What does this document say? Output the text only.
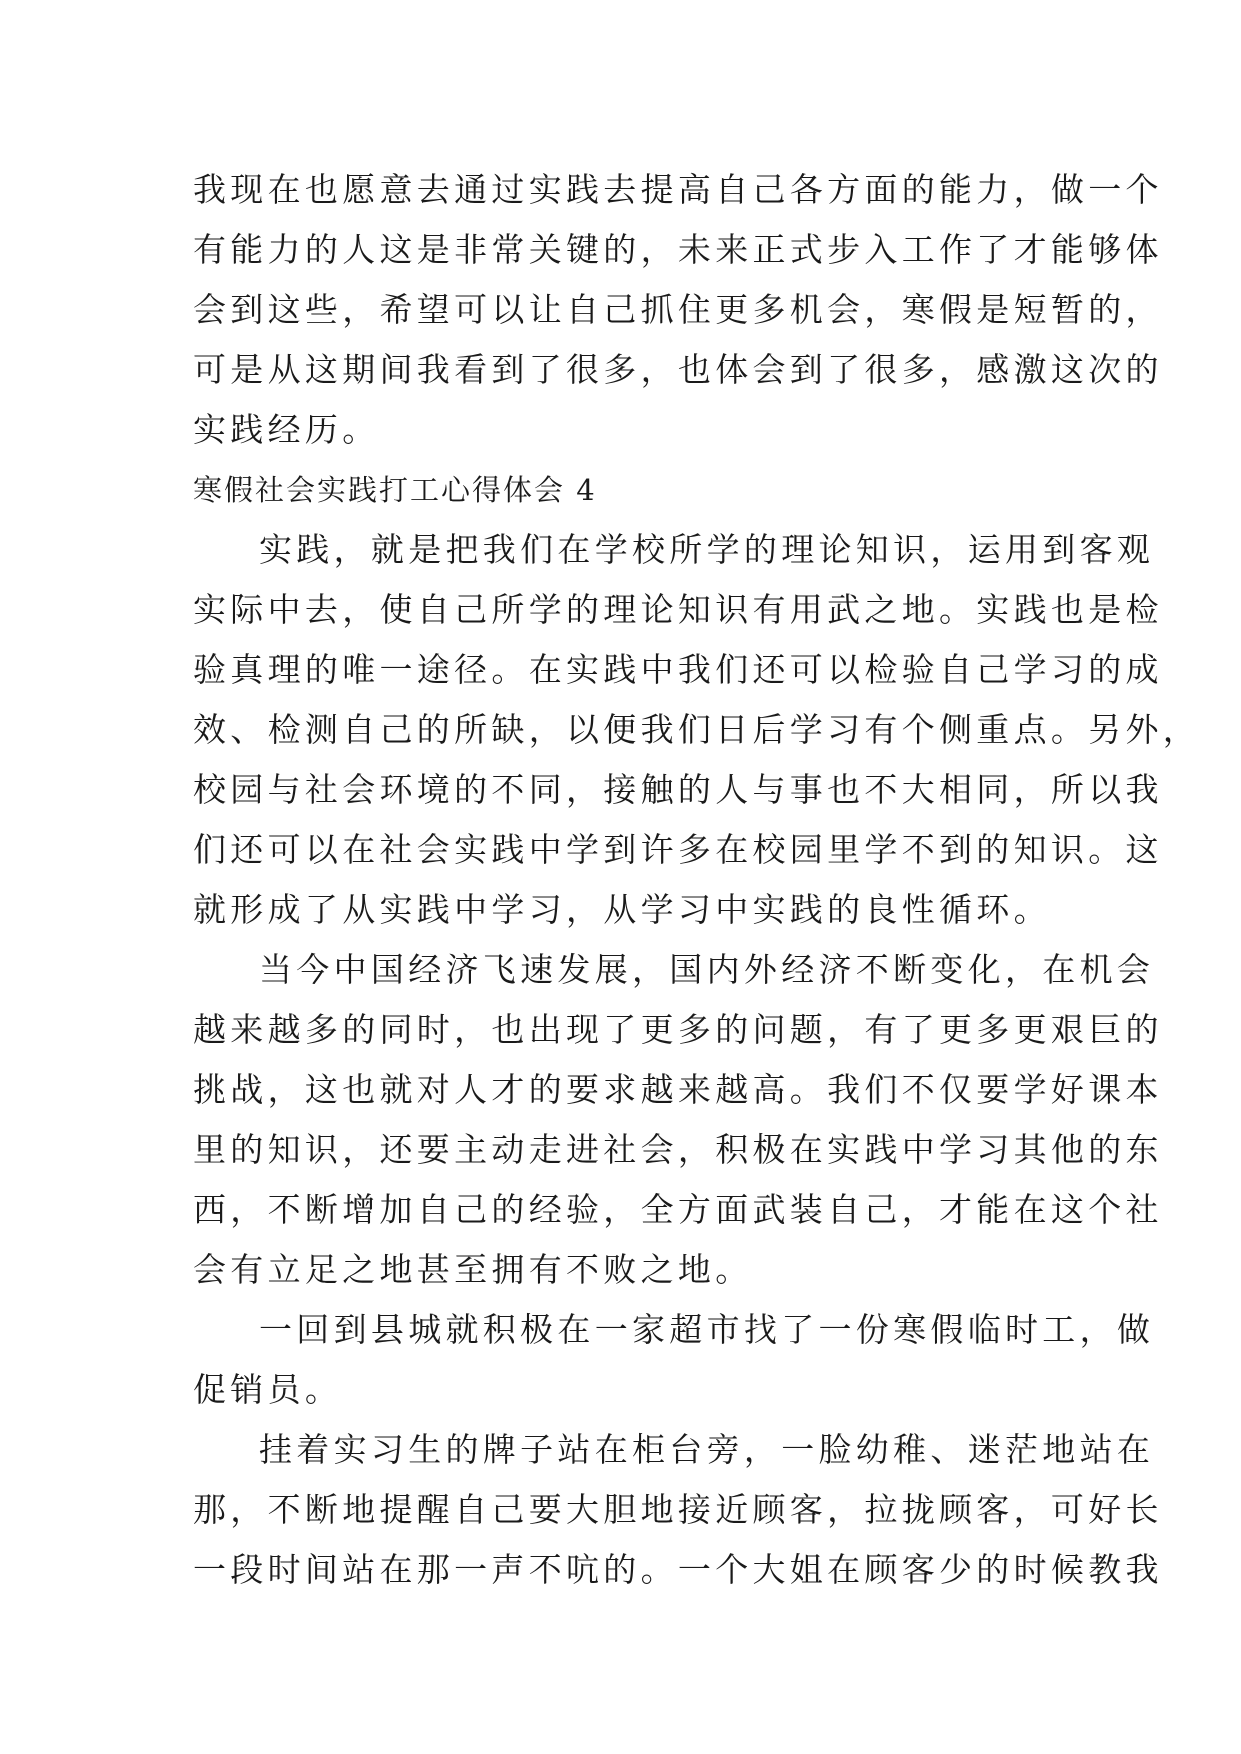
我现在也愿意去通过实践去提高自己各方面的能力，做一个
有能力的人这是非常关键的，未来正式步入工作了才能够体
会到这些，希望可以让自己抓住更多机会，寒假是短暂的，
可是从这期间我看到了很多，也体会到了很多，感激这次的
实践经历。
寒假社会实践打工心得体会 4
实践，就是把我们在学校所学的理论知识，运用到客观
实际中去，使自己所学的理论知识有用武之地。实践也是检
验真理的唯一途径。在实践中我们还可以检验自己学习的成
效、检测自己的所缺，以便我们日后学习有个侧重点。另外，
校园与社会环境的不同，接触的人与事也不大相同，所以我
们还可以在社会实践中学到许多在校园里学不到的知识。这
就形成了从实践中学习，从学习中实践的良性循环。
当今中国经济飞速发展，国内外经济不断变化，在机会
越来越多的同时，也出现了更多的问题，有了更多更艰巨的
挑战，这也就对人才的要求越来越高。我们不仅要学好课本
里的知识，还要主动走进社会，积极在实践中学习其他的东
西，不断增加自己的经验，全方面武装自己，才能在这个社
会有立足之地甚至拥有不败之地。
一回到县城就积极在一家超市找了一份寒假临时工，做
促销员。
挂着实习生的牌子站在柜台旁，一脸幼稚、迷茫地站在
那，不断地提醒自己要大胆地接近顾客，拉拢顾客，可好长
一段时间站在那一声不吭的。一个大姐在顾客少的时候教我
